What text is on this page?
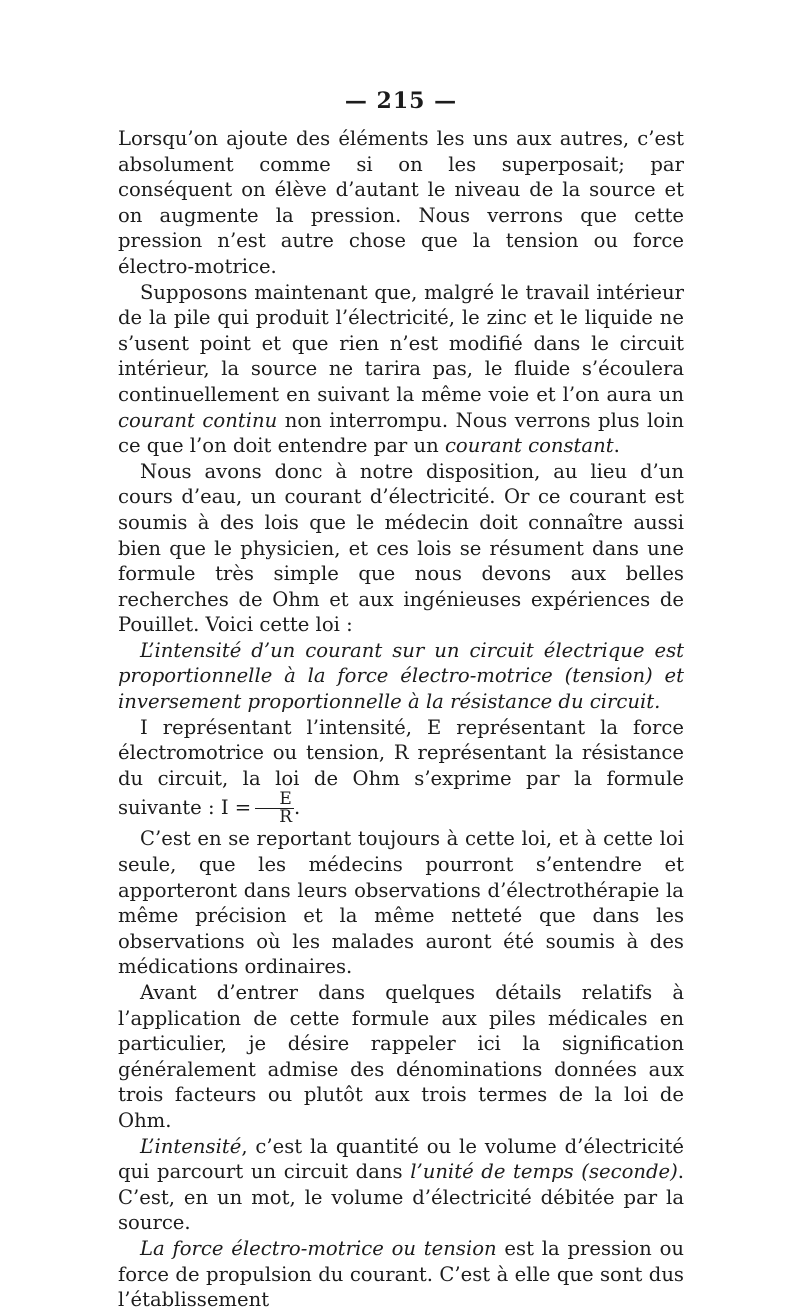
— 215 —

Lorsqu’on ajoute des éléments les uns aux autres, c’est absolument comme si on les superposait; par conséquent on élève d’autant le niveau de la source et on augmente la pression. Nous verrons que cette pression n’est autre chose que la tension ou force électro-motrice.

Supposons maintenant que, malgré le travail intérieur de la pile qui produit l’électricité, le zinc et le liquide ne s’usent point et que rien n’est modifié dans le circuit intérieur, la source ne tarira pas, le fluide s’écoulera continuellement en suivant la même voie et l’on aura un courant continu non interrompu. Nous verrons plus loin ce que l’on doit entendre par un courant constant.

Nous avons donc à notre disposition, au lieu d’un cours d’eau, un courant d’électricité. Or ce courant est soumis à des lois que le médecin doit connaître aussi bien que le physicien, et ces lois se résument dans une formule très simple que nous devons aux belles recherches de Ohm et aux ingénieuses expériences de Pouillet. Voici cette loi :

L’intensité d’un courant sur un circuit électrique est proportionnelle à la force électro-motrice (tension) et inversement proportionnelle à la résistance du circuit.

I représentant l’intensité, E représentant la force électromotrice ou tension, R représentant la résistance du circuit, la loi de Ohm s’exprime par la formule suivante : $I = \frac{E}{R}$ .

C’est en se reportant toujours à cette loi, et à cette loi seule, que les médecins pourront s’entendre et apporteront dans leurs observations d’électrothérapie la même précision et la même netteté que dans les observations où les malades auront été soumis à des médications ordinaires.

Avant d’entrer dans quelques détails relatifs à l’application de cette formule aux piles médicales en particulier, je désire rappeler ici la signification généralement admise des dénominations données aux trois facteurs ou plutôt aux trois termes de la loi de Ohm.

L’intensité, c’est la quantité ou le volume d’électricité qui parcourt un circuit dans l’unité de temps (seconde). C’est, en un mot, le volume d’électricité débitée par la source.

La force électro-motrice ou tension est la pression ou force de propulsion du courant. C’est à elle que sont dus l’établissement
